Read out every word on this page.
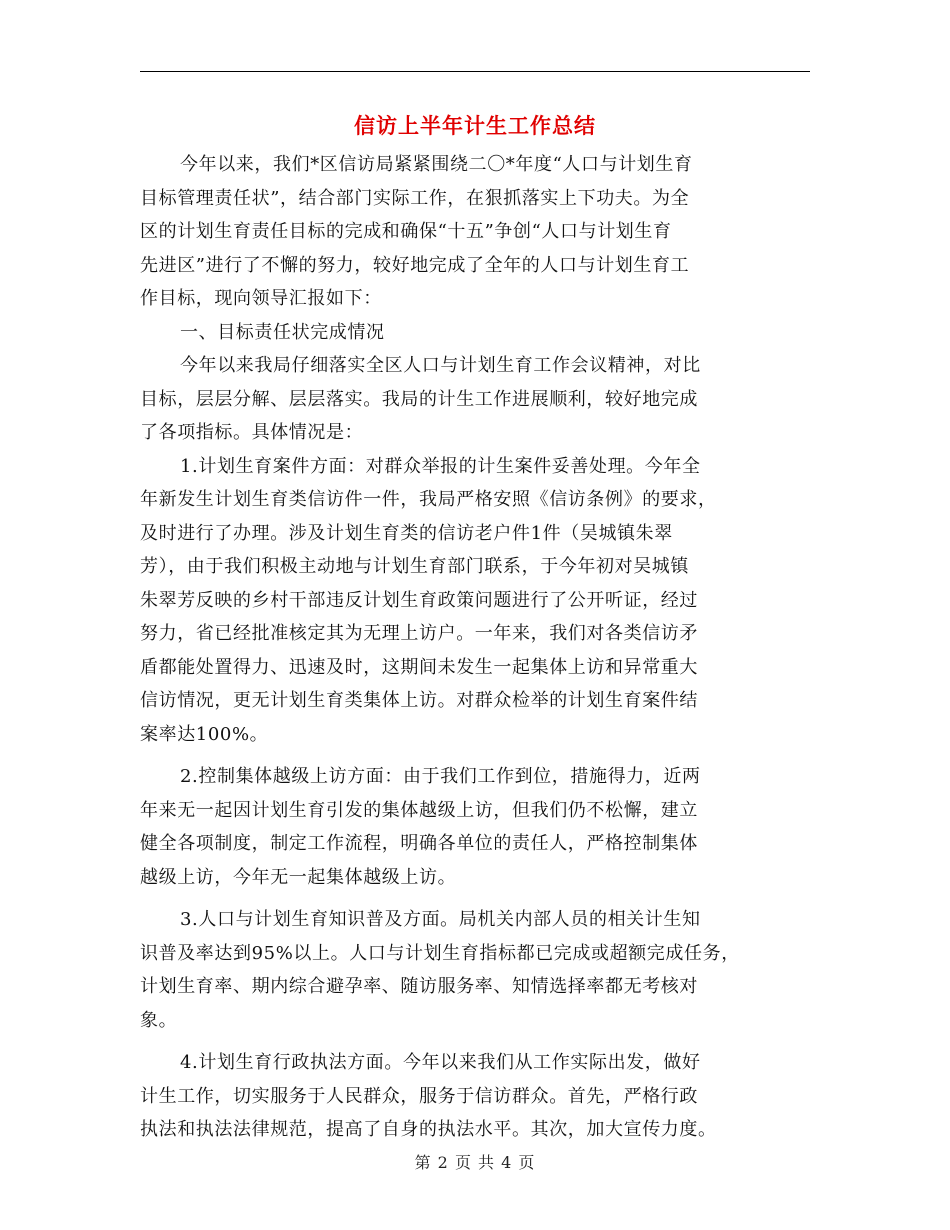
信访上半年计生工作总结
今年以来，我们*区信访局紧紧围绕二〇*年度“人口与计划生育
目标管理责任状”，结合部门实际工作，在狠抓落实上下功夫。为全
区的计划生育责任目标的完成和确保“十五”争创“人口与计划生育
先进区”进行了不懈的努力，较好地完成了全年的人口与计划生育工
作目标，现向领导汇报如下：
一、目标责任状完成情况
今年以来我局仔细落实全区人口与计划生育工作会议精神，对比
目标，层层分解、层层落实。我局的计生工作进展顺利，较好地完成
了各项指标。具体情况是：
1.计划生育案件方面：对群众举报的计生案件妥善处理。今年全
年新发生计划生育类信访件一件，我局严格安照《信访条例》的要求，
及时进行了办理。涉及计划生育类的信访老户件1件（吴城镇朱翠
芳），由于我们积极主动地与计划生育部门联系，于今年初对吴城镇
朱翠芳反映的乡村干部违反计划生育政策问题进行了公开听证，经过
努力，省已经批准核定其为无理上访户。一年来，我们对各类信访矛
盾都能处置得力、迅速及时，这期间未发生一起集体上访和异常重大
信访情况，更无计划生育类集体上访。对群众检举的计划生育案件结
案率达100%。
2.控制集体越级上访方面：由于我们工作到位，措施得力，近两
年来无一起因计划生育引发的集体越级上访，但我们仍不松懈，建立
健全各项制度，制定工作流程，明确各单位的责任人，严格控制集体
越级上访，今年无一起集体越级上访。
3.人口与计划生育知识普及方面。局机关内部人员的相关计生知
识普及率达到95%以上。人口与计划生育指标都已完成或超额完成任务，
计划生育率、期内综合避孕率、随访服务率、知情选择率都无考核对
象。
4.计划生育行政执法方面。今年以来我们从工作实际出发，做好
计生工作，切实服务于人民群众，服务于信访群众。首先，严格行政
执法和执法法律规范，提高了自身的执法水平。其次，加大宣传力度。
第 2 页 共 4 页
